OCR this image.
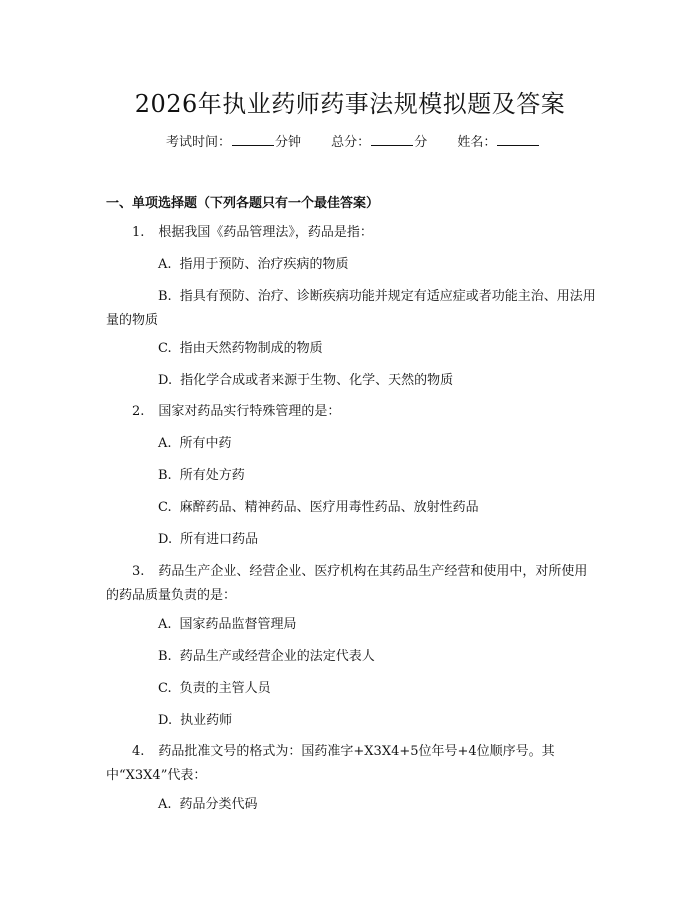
2026年执业药师药事法规模拟题及答案
考试时间：	分钟 总分：	分 姓名：
一、单项选择题（下列各题只有一个最佳答案）
1. 根据我国《药品管理法》，药品是指：
A. 指用于预防、治疗疾病的物质
B. 指具有预防、治疗、诊断疾病功能并规定有适应症或者功能主治、用法用量的物质
C. 指由天然药物制成的物质
D. 指化学合成或者来源于生物、化学、天然的物质
2. 国家对药品实行特殊管理的是：
A. 所有中药
B. 所有处方药
C. 麻醉药品、精神药品、医疗用毒性药品、放射性药品
D. 所有进口药品
3. 药品生产企业、经营企业、医疗机构在其药品生产经营和使用中，对所使用的药品质量负责的是：
A. 国家药品监督管理局
B. 药品生产或经营企业的法定代表人
C. 负责的主管人员
D. 执业药师
4. 药品批准文号的格式为：国药准字+X3X4+5位年号+4位顺序号。其中“X3X4”代表：
A. 药品分类代码
